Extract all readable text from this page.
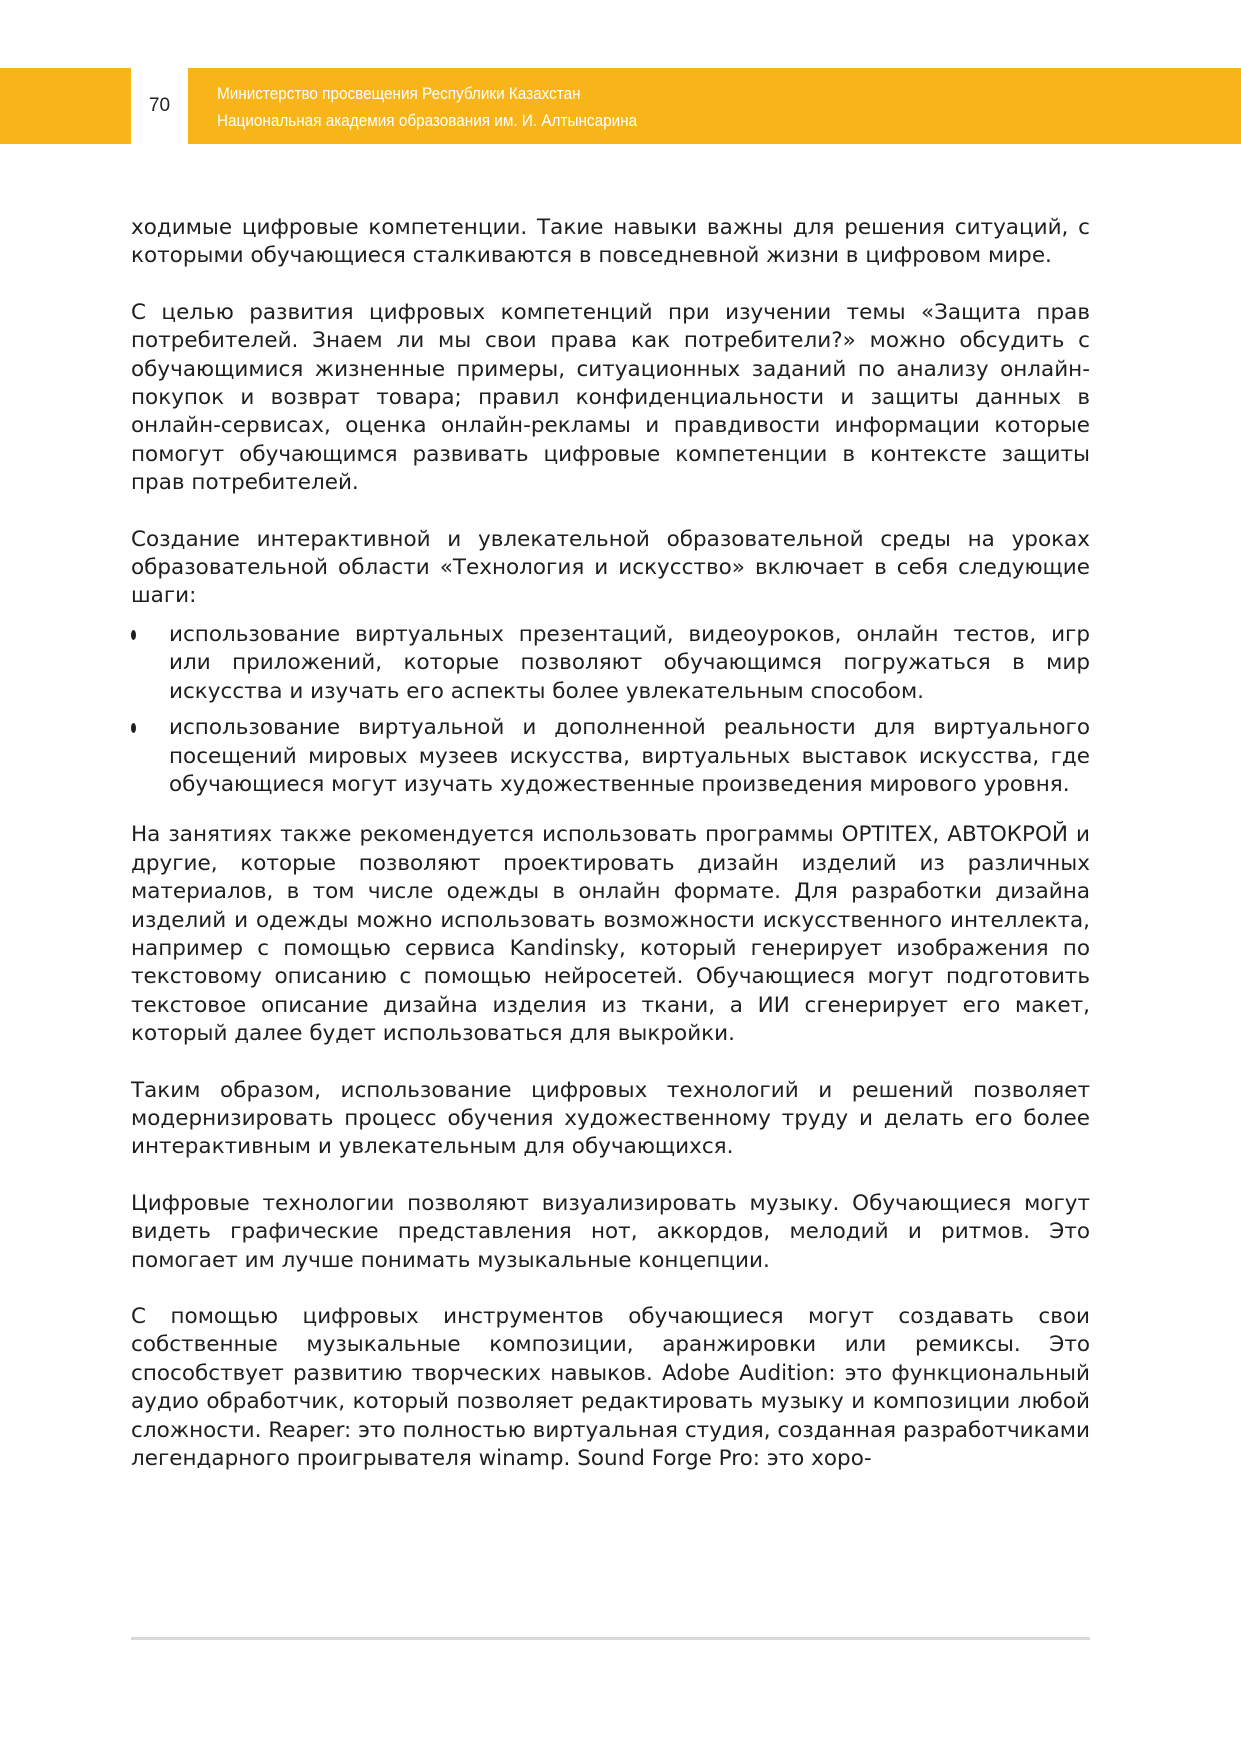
70
Министерство просвещения Республики Казахстан
Национальная академия образования им. И. Алтынсарина

ходимые цифровые компетенции. Такие навыки важны для решения ситуаций, с которыми обучающиеся сталкиваются в повседневной жизни в цифровом мире.

С целью развития цифровых компетенций при изучении темы «Защита прав потребителей. Знаем ли мы свои права как потребители?» можно обсудить с обучающимися жизненные примеры, ситуационных заданий по анализу онлайн-покупок и возврат товара; правил конфиденциальности и защиты данных в онлайн-сервисах, оценка онлайн-рекламы и правдивости информации которые помогут обучающимся развивать цифровые компетенции в контексте защиты прав потребителей.

Создание интерактивной и увлекательной образовательной среды на уроках образовательной области «Технология и искусство» включает в себя следующие шаги:

использование виртуальных презентаций, видеоуроков, онлайн тестов, игр или приложений, которые позволяют обучающимся погружаться в мир искусства и изучать его аспекты более увлекательным способом.
использование виртуальной и дополненной реальности для виртуального посещений мировых музеев искусства, виртуальных выставок искусства, где обучающиеся могут изучать художественные произведения мирового уровня.

На занятиях также рекомендуется использовать программы OPTITEX, АВТОКРОЙ и другие, которые позволяют проектировать дизайн изделий из различных материалов, в том числе одежды в онлайн формате. Для разработки дизайна изделий и одежды можно использовать возможности искусственного интеллекта, например с помощью сервиса Kandinsky, который генерирует изображения по текстовому описанию с помощью нейросетей. Обучающиеся могут подготовить текстовое описание дизайна изделия из ткани, а ИИ сгенерирует его макет, который далее будет использоваться для выкройки.

Таким образом, использование цифровых технологий и решений позволяет модернизировать процесс обучения художественному труду и делать его более интерактивным и увлекательным для обучающихся.

Цифровые технологии позволяют визуализировать музыку. Обучающиеся могут видеть графические представления нот, аккордов, мелодий и ритмов. Это помогает им лучше понимать музыкальные концепции.

С помощью цифровых инструментов обучающиеся могут создавать свои собственные музыкальные композиции, аранжировки или ремиксы. Это способствует развитию творческих навыков. Adobe Audition: это функциональный аудио обработчик, который позволяет редактировать музыку и композиции любой сложности. Reaper: это полностью виртуальная студия, созданная разработчиками легендарного проигрывателя winamp. Sound Forge Pro: это хоро-
